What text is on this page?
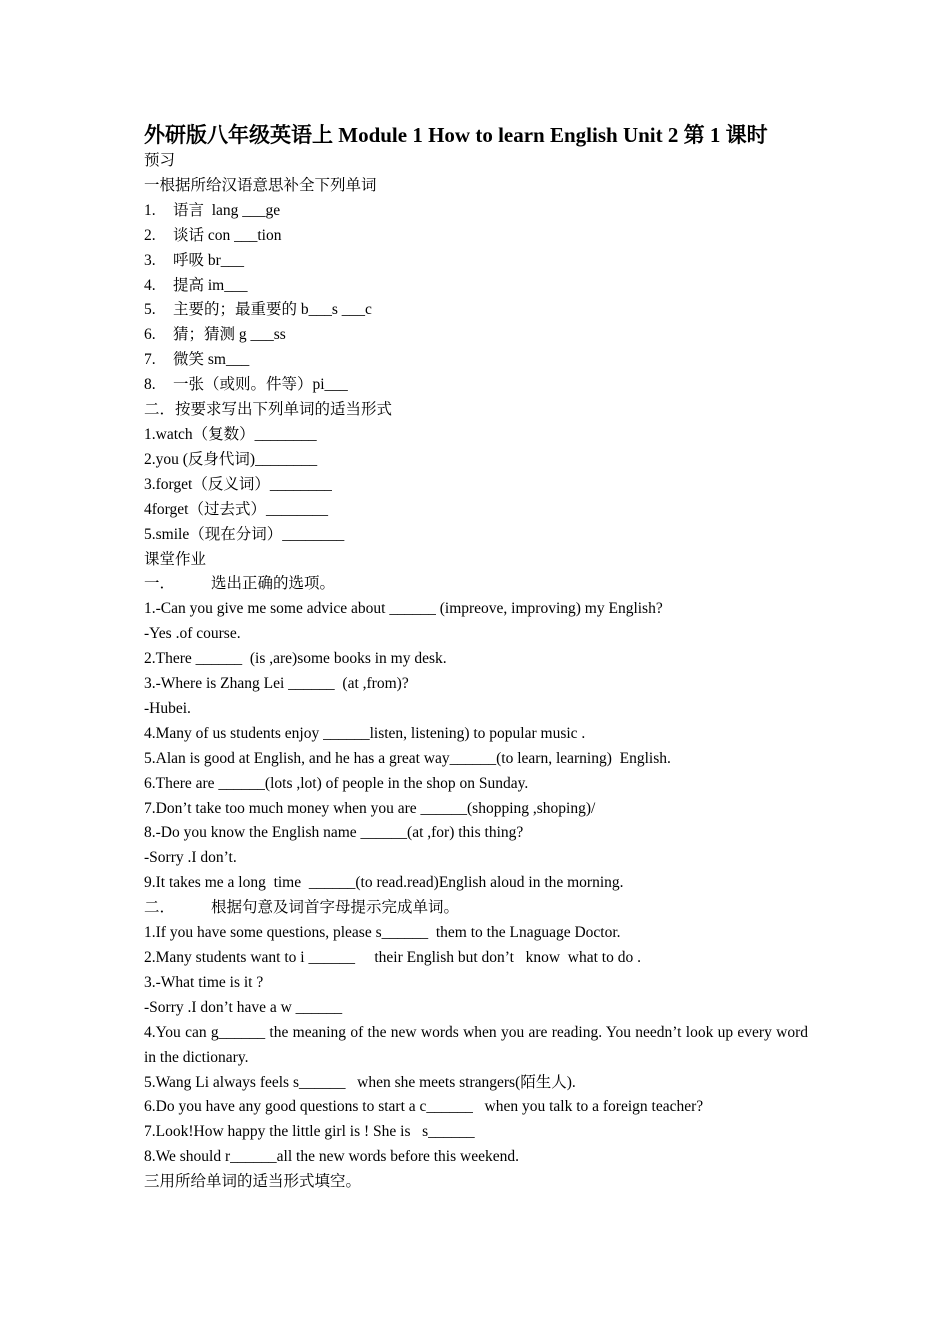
外研版八年级英语上 Module 1 How to learn English Unit 2 第 1 课时
预习
一根据所给汉语意思补全下列单词
1. 语言  lang ___ge
2. 谈话 con ___tion
3. 呼吸 br___
4. 提高 im___
5. 主要的；最重要的 b___s ___c
6. 猜；猜测 g ___ss
7. 微笑 sm___
8. 一张（或则。件等）pi___
二．按要求写出下列单词的适当形式
1.watch（复数）________
2.you (反身代词)________
3.forget（反义词）________
4forget（过去式）________
5.smile（现在分词）________
课堂作业
一． 选出正确的选项。
1.-Can you give me some advice about ______ (impreove, improving) my English?
-Yes .of course.
2.There ______  (is ,are)some books in my desk.
3.-Where is Zhang Lei ______  (at ,from)?
-Hubei.
4.Many of us students enjoy ______listen, listening) to popular music .
5.Alan is good at English, and he has a great way______(to learn, learning)  English.
6.There are ______(lots ,lot) of people in the shop on Sunday.
7.Don’t take too much money when you are ______(shopping ,shoping)/
8.-Do you know the English name ______(at ,for) this thing?
-Sorry .I don’t.
9.It takes me a long  time  ______(to read.read)English aloud in the morning.
二． 根据句意及词首字母提示完成单词。
1.If you have some questions, please s______  them to the Lnaguage Doctor.
2.Many students want to i ______     their English but don’t   know  what to do .
3.-What time is it ?
-Sorry .I don’t have a w ______
4.You can g______ the meaning of the new words when you are reading. You needn’t look up every word in the dictionary.
5.Wang Li always feels s______   when she meets strangers(陌生人).
6.Do you have any good questions to start a c______   when you talk to a foreign teacher?
7.Look!How happy the little girl is ! She is   s______
8.We should r______all the new words before this weekend.
三用所给单词的适当形式填空。
